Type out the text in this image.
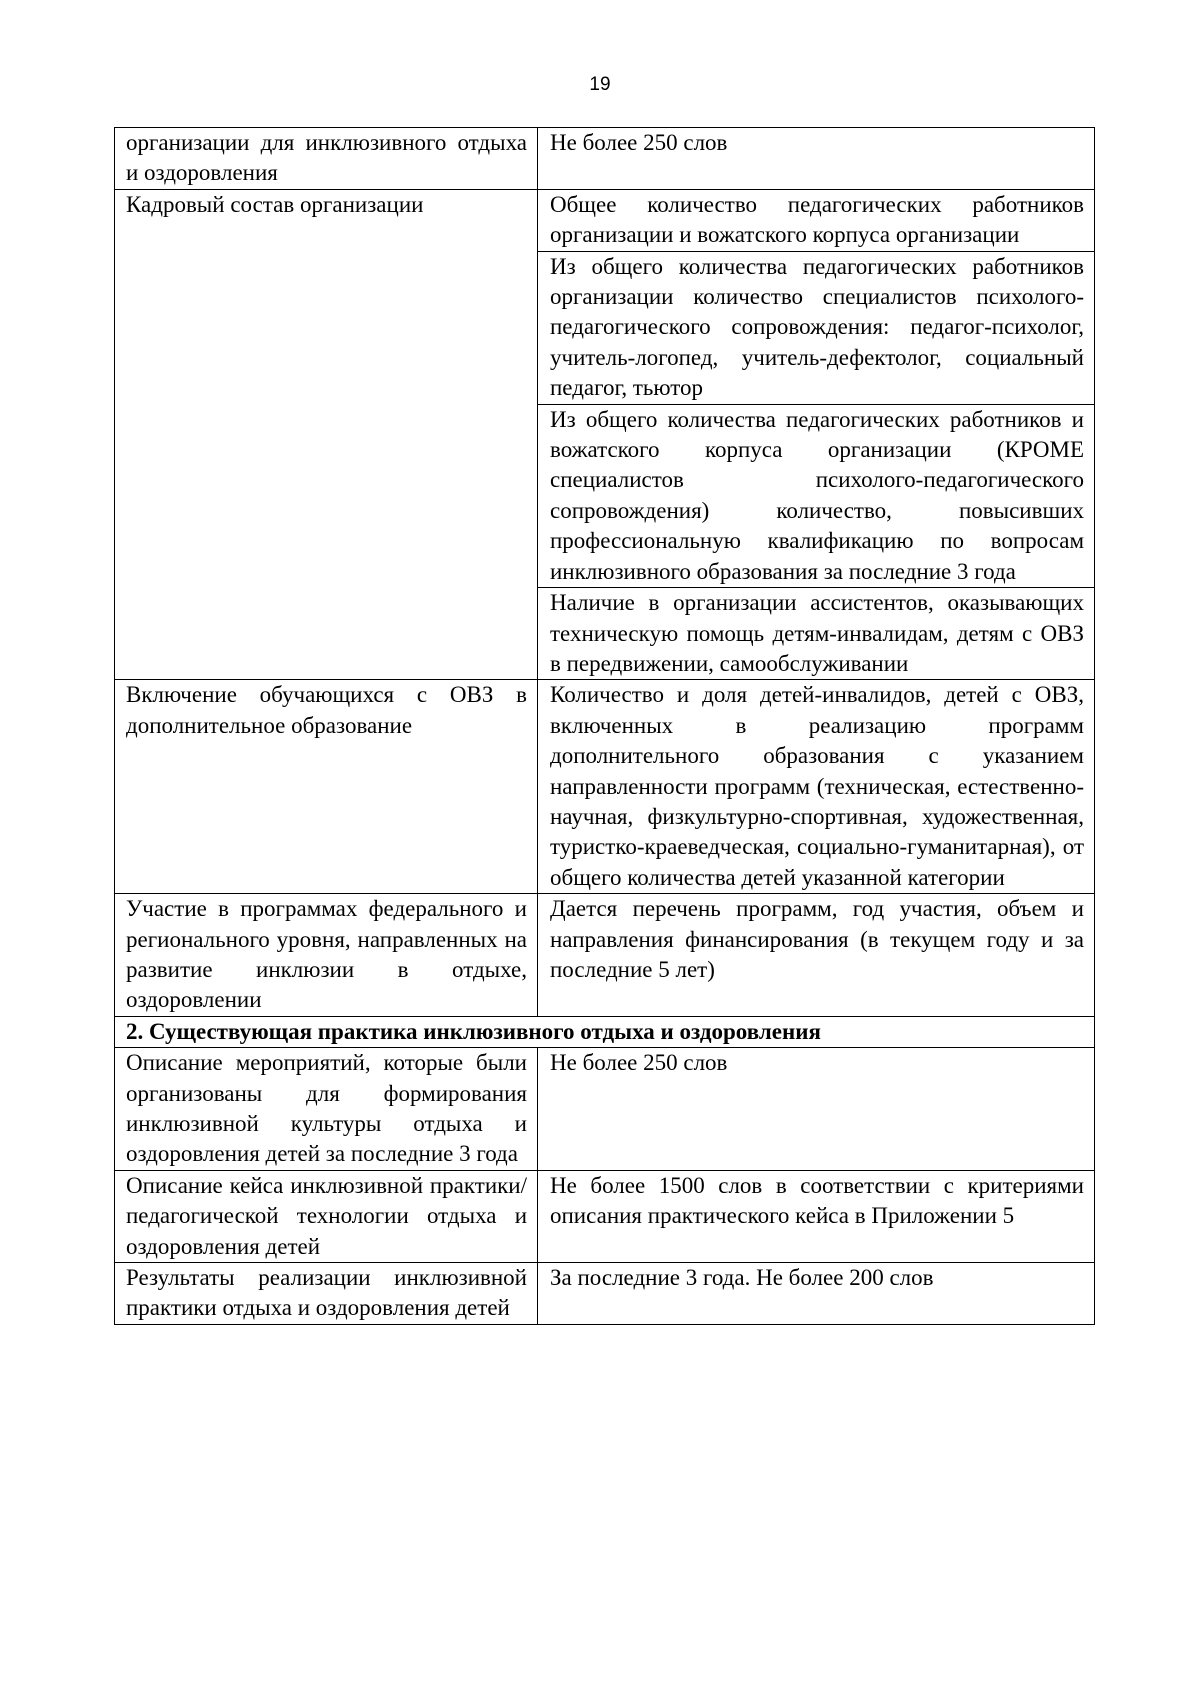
19
организации для инклюзивного отдыха и оздоровления	Не более 250 слов
Кадровый состав организации	Общее количество педагогических работников организации и вожатского корпуса организации
	Из общего количества педагогических работников организации количество специалистов психолого-педагогического сопровождения: педагог-психолог, учитель-логопед, учитель-дефектолог, социальный педагог, тьютор
	Из общего количества педагогических работников и вожатского корпуса организации (КРОМЕ специалистов психолого-педагогического сопровождения) количество, повысивших профессиональную квалификацию по вопросам инклюзивного образования за последние 3 года
	Наличие в организации ассистентов, оказывающих техническую помощь детям-инвалидам, детям с ОВЗ в передвижении, самообслуживании
Включение обучающихся с ОВЗ в дополнительное образование	Количество и доля детей-инвалидов, детей с ОВЗ, включенных в реализацию программ дополнительного образования с указанием направленности программ (техническая, естественно-научная, физкультурно-спортивная, художественная, туристко-краеведческая, социально-гуманитарная), от общего количества детей указанной категории
Участие в программах федерального и регионального уровня, направленных на развитие инклюзии в отдыхе, оздоровлении	Дается перечень программ, год участия, объем и направления финансирования (в текущем году и за последние 5 лет)
2. Существующая практика инклюзивного отдыха и оздоровления	
Описание мероприятий, которые были организованы для формирования инклюзивной культуры отдыха и оздоровления детей за последние 3 года	Не более 250 слов
Описание кейса инклюзивной практики/педагогической технологии отдыха и оздоровления детей	Не более 1500 слов в соответствии с критериями описания практического кейса в Приложении 5
Результаты реализации инклюзивной практики отдыха и оздоровления детей	За последние 3 года. Не более 200 слов
